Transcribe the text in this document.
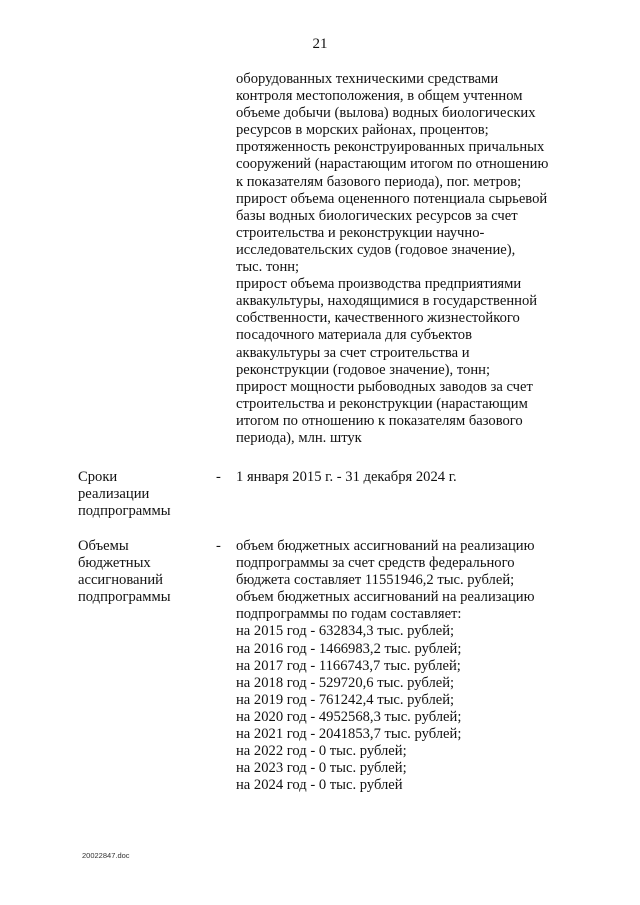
21
оборудованных техническими средствами
контроля местоположения, в общем учтенном
объеме добычи (вылова) водных биологических
ресурсов в морских районах, процентов;
протяженность реконструированных причальных
сооружений (нарастающим итогом по отношению
к показателям базового периода), пог. метров;
прирост объема оцененного потенциала сырьевой
базы водных биологических ресурсов за счет
строительства и реконструкции научно-
исследовательских судов (годовое значение),
тыс. тонн;
прирост объема производства предприятиями
аквакультуры, находящимися в государственной
собственности, качественного жизнестойкого
посадочного материала для субъектов
аквакультуры за счет строительства и
реконструкции (годовое значение), тонн;
прирост мощности рыбоводных заводов за счет
строительства и реконструкции (нарастающим
итогом по отношению к показателям базового
периода), млн. штук
Сроки
реализации
подпрограммы
- 1 января 2015 г. - 31 декабря 2024 г.
Объемы
бюджетных
ассигнований
подпрограммы
- объем бюджетных ассигнований на реализацию
подпрограммы за счет средств федерального
бюджета составляет 11551946,2 тыс. рублей;
объем бюджетных ассигнований на реализацию
подпрограммы по годам составляет:
на 2015 год - 632834,3 тыс. рублей;
на 2016 год - 1466983,2 тыс. рублей;
на 2017 год - 1166743,7 тыс. рублей;
на 2018 год - 529720,6 тыс. рублей;
на 2019 год - 761242,4 тыс. рублей;
на 2020 год - 4952568,3 тыс. рублей;
на 2021 год - 2041853,7 тыс. рублей;
на 2022 год - 0 тыс. рублей;
на 2023 год - 0 тыс. рублей;
на 2024 год - 0 тыс. рублей
20022847.doc
